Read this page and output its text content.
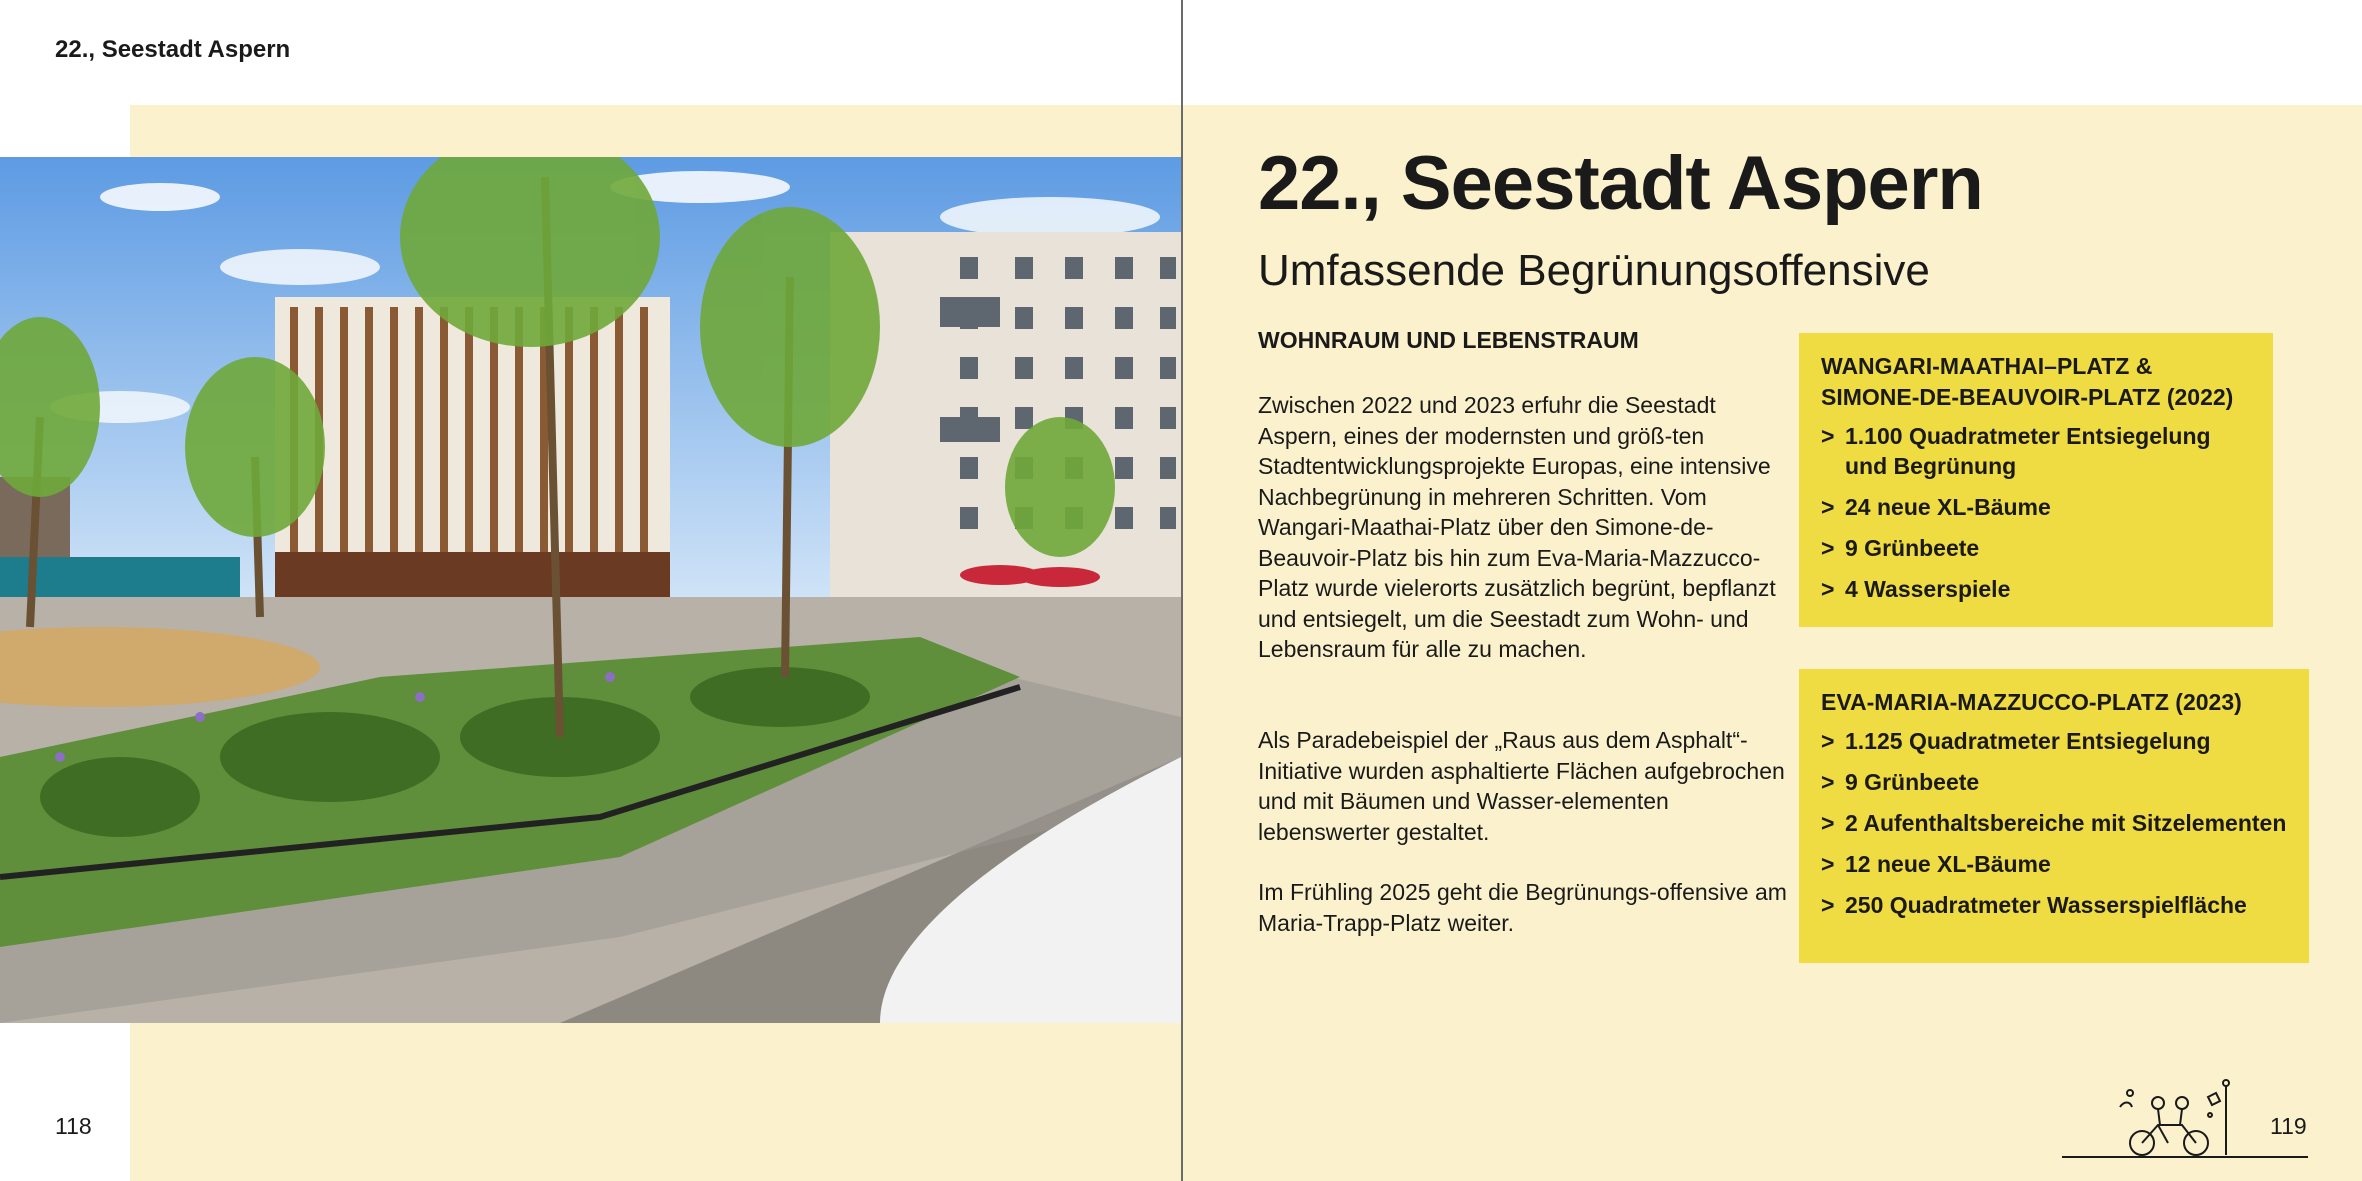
22., Seestadt Aspern
118
22., Seestadt Aspern
Umfassende Begrünungsoffensive
WOHNRAUM UND LEBENSTRAUM

Zwischen 2022 und 2023 erfuhr die Seestadt Aspern, eines der modernsten und größ-ten Stadtentwicklungsprojekte Europas, eine intensive Nachbegrünung in mehreren Schritten. Vom Wangari-Maathai-Platz über den Simone-de-Beauvoir-Platz bis hin zum Eva-Maria-Mazzucco-Platz wurde vielerorts zusätzlich begrünt, bepflanzt und entsiegelt, um die Seestadt zum Wohn- und Lebensraum für alle zu machen.

Als Paradebeispiel der „Raus aus dem Asphalt“-Initiative wurden asphaltierte Flächen aufgebrochen und mit Bäumen und Wasser-elementen lebenswerter gestaltet.

Im Frühling 2025 geht die Begrünungs-offensive am Maria-Trapp-Platz weiter.

WANGARI-MAATHAI–PLATZ & SIMONE-DE-BEAUVOIR-PLATZ (2022)

> 1.100 Quadratmeter Entsiegelung und Begrünung
> 24 neue XL-Bäume
> 9 Grünbeete
> 4 Wasserspiele

EVA-MARIA-MAZZUCCO-PLATZ (2023)

> 1.125 Quadratmeter Entsiegelung
> 9 Grünbeete
> 2 Aufenthaltsbereiche mit Sitzelementen
> 12 neue XL-Bäume
> 250 Quadratmeter Wasserspielfläche
119
